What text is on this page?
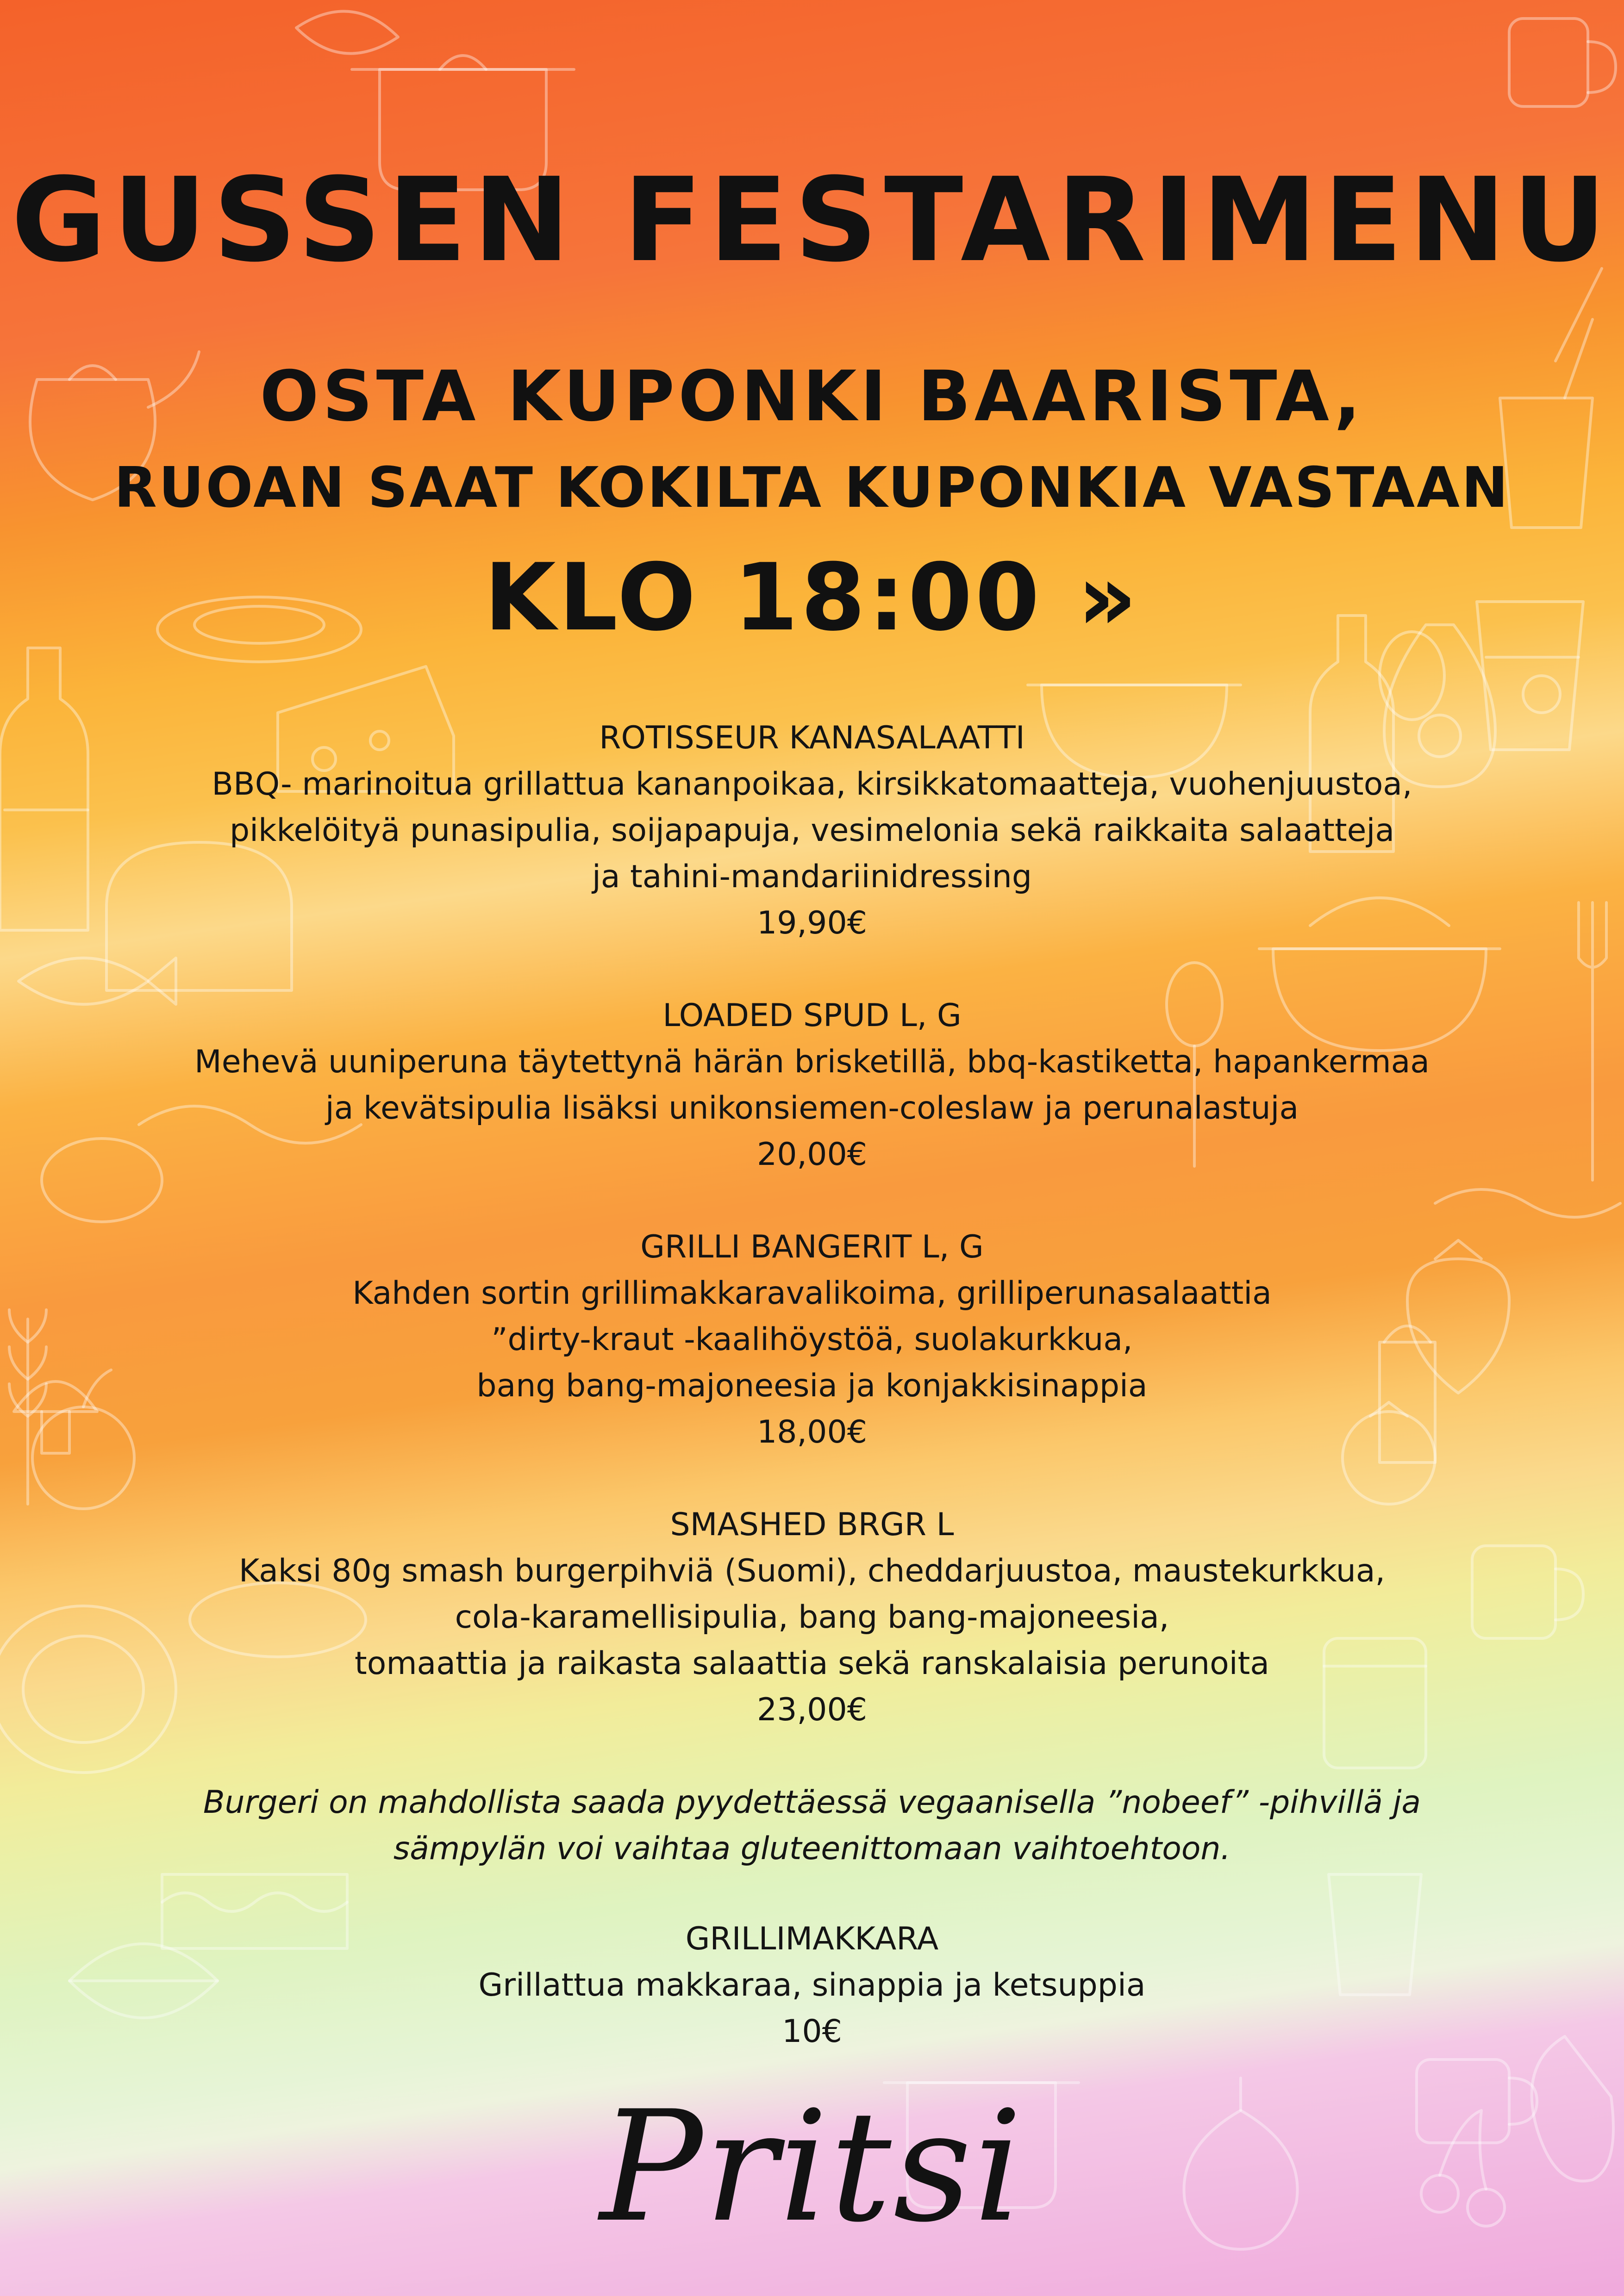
GUSSEN FESTARIMENU
OSTA KUPONKI BAARISTA,
RUOAN SAAT KOKILTA KUPONKIA VASTAAN
KLO 18:00 »
ROTISSEUR KANASALAATTI
BBQ- marinoitua grillattua kananpoikaa, kirsikkatomaatteja, vuohenjuustoa,
pikkelöityä punasipulia, soijapapuja, vesimelonia sekä raikkaita salaatteja
ja tahini-mandariinidressing
19,90€
LOADED SPUD L, G
Mehevä uuniperuna täytettynä härän brisketillä, bbq-kastiketta, hapankermaa
ja kevätsipulia lisäksi unikonsiemen-coleslaw ja perunalastuja
20,00€
GRILLI BANGERIT L, G
Kahden sortin grillimakkaravalikoima, grilliperunasalaattia
”dirty-kraut -kaalihöystöä, suolakurkkua,
bang bang-majoneesia ja konjakkisinappia
18,00€
SMASHED BRGR L
Kaksi 80g smash burgerpihviä (Suomi), cheddarjuustoa, maustekurkkua,
cola-karamellisipulia, bang bang-majoneesia,
tomaattia ja raikasta salaattia sekä ranskalaisia perunoita
23,00€
Burgeri on mahdollista saada pyydettäessä vegaanisella ”nobeef” -pihvillä ja
sämpylän voi vaihtaa gluteenittomaan vaihtoehtoon.
GRILLIMAKKARA
Grillattua makkaraa, sinappia ja ketsuppia
10€
Pritsi
